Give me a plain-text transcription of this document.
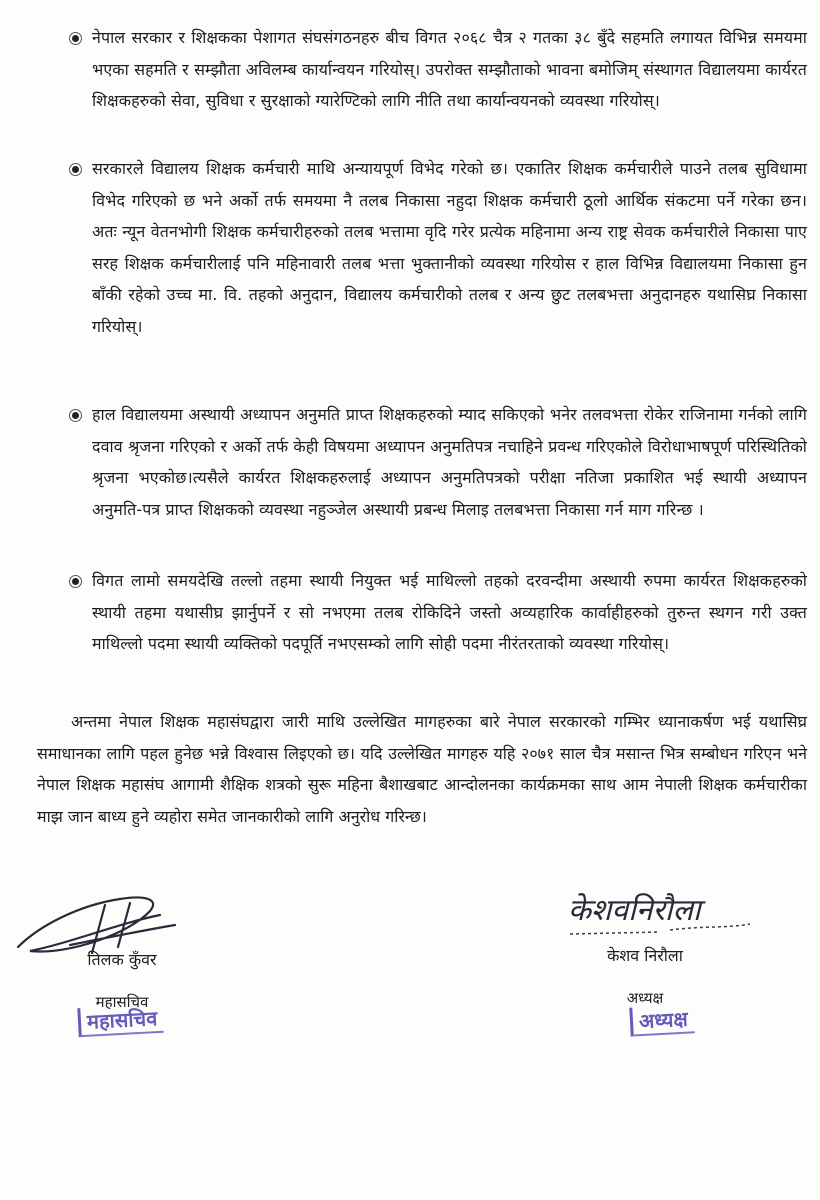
नेपाल सरकार र शिक्षकका पेशागत संघसंगठनहरु बीच विगत २०६८ चैत्र २ गतका ३८ बुँदे सहमति लगायत विभिन्न समयमा भएका सहमति र सम्झौता अविलम्ब कार्यान्वयन गरियोस्। उपरोक्त सम्झौताको भावना बमोजिम् संस्थागत विद्यालयमा कार्यरत शिक्षकहरुको सेवा, सुविधा र सुरक्षाको ग्यारेण्टिको लागि नीति तथा कार्यान्वयनको व्यवस्था गरियोस्।
सरकारले विद्यालय शिक्षक कर्मचारी माथि अन्यायपूर्ण विभेद गरेको छ। एकातिर शिक्षक कर्मचारीले पाउने तलब सुविधामा विभेद गरिएको छ भने अर्को तर्फ समयमा नै तलब निकासा नहुदा शिक्षक कर्मचारी ठूलो आर्थिक संकटमा पर्ने गरेका छन। अतः न्यून वेतनभोगी शिक्षक कर्मचारीहरुको तलब भत्तामा वृदि गरेर प्रत्येक महिनामा अन्य राष्ट्र सेवक कर्मचारीले निकासा पाए सरह शिक्षक कर्मचारीलाई पनि महिनावारी तलब भत्ता भुक्तानीको व्यवस्था गरियोस र हाल विभिन्न विद्यालयमा निकासा हुन बाँकी रहेको उच्च मा. वि. तहको अनुदान, विद्यालय कर्मचारीको तलब र अन्य छुट तलबभत्ता अनुदानहरु यथासिघ्र निकासा गरियोस्।
हाल विद्यालयमा अस्थायी अध्यापन अनुमति प्राप्त शिक्षकहरुको म्याद सकिएको भनेर तलवभत्ता रोकेर राजिनामा गर्नको लागि दवाव श्रृजना गरिएको र अर्को तर्फ केही विषयमा अध्यापन अनुमतिपत्र नचाहिने प्रवन्ध गरिएकोले विरोधाभाषपूर्ण परिस्थितिको श्रृजना भएकोछ।त्यसैले कार्यरत शिक्षकहरुलाई अध्यापन अनुमतिपत्रको परीक्षा नतिजा प्रकाशित भई स्थायी अध्यापन अनुमति-पत्र प्राप्त शिक्षकको व्यवस्था नहुञ्जेल अस्थायी प्रबन्ध मिलाइ तलबभत्ता निकासा गर्न माग गरिन्छ ।
विगत लामो समयदेखि तल्लो तहमा स्थायी नियुक्त भई माथिल्लो तहको दरवन्दीमा अस्थायी रुपमा कार्यरत शिक्षकहरुको स्थायी तहमा यथासीघ्र झार्नुपर्ने र सो नभएमा तलब रोकिदिने जस्तो अव्यहारिक कार्वाहीहरुको तुरुन्त स्थगन गरी उक्त माथिल्लो पदमा स्थायी व्यक्तिको पदपूर्ति नभएसम्को लागि सोही पदमा नीरंतरताको व्यवस्था गरियोस्।
अन्तमा नेपाल शिक्षक महासंघद्वारा जारी माथि उल्लेखित मागहरुका बारे नेपाल सरकारको गम्भिर ध्यानाकर्षण भई यथासिघ्र समाधानका लागि पहल हुनेछ भन्ने विश्वास लिइएको छ। यदि उल्लेखित मागहरु यहि २०७१ साल चैत्र मसान्त भित्र सम्बोधन गरिएन भने नेपाल शिक्षक महासंघ आगामी शैक्षिक शत्रको सुरू महिना बैशाखबाट आन्दोलनका कार्यक्रमका साथ आम नेपाली शिक्षक कर्मचारीका माझ जान बाध्य हुने व्यहोरा समेत जानकारीको लागि अनुरोध गरिन्छ।
तिलक कुँवर
महासचिव
महासचिव
केशवनिरौला
केशव निरौला
अध्यक्ष
अध्यक्ष
